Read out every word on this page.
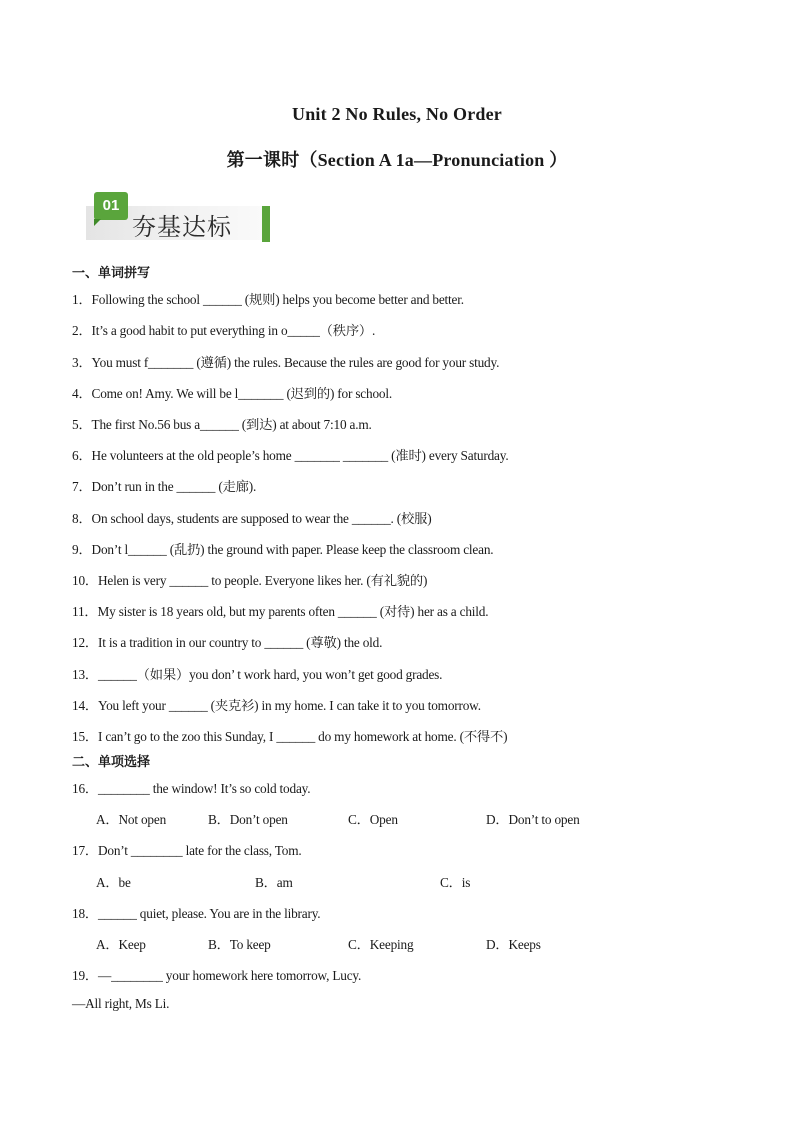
Unit 2 No Rules, No Order
第一课时（Section A 1a—Pronunciation ）
01
夯基达标
一、单词拼写
1．Following the school ______ (规则) helps you become better and better.
2．It’s a good habit to put everything in o_____（秩序）.
3．You must f_______ (遵循) the rules. Because the rules are good for your study.
4．Come on! Amy. We will be l_______ (迟到的) for school.
5．The first No.56 bus a______ (到达) at about 7:10 a.m.
6．He volunteers at the old people’s home _______ _______ (准时) every Saturday.
7．Don’t run in the ______ (走廊).
8．On school days, students are supposed to wear the ______. (校服)
9．Don’t l______ (乱扔) the ground with paper. Please keep the classroom clean.
10．Helen is very ______ to people. Everyone likes her. (有礼貌的)
11．My sister is 18 years old, but my parents often ______ (对待) her as a child.
12．It is a tradition in our country to ______ (尊敬) the old.
13．______（如果）you don’ t work hard, you won’t get good grades.
14．You left your ______ (夹克衫) in my home. I can take it to you tomorrow.
15．I can’t go to the zoo this Sunday, I ______ do my homework at home. (不得不)
二、单项选择
16．________ the window! It’s so cold today.
A．Not open	B．Don’t open	C．Open	D．Don’t to open
17．Don’t ________ late for the class, Tom.
A．be	B．am	C．is
18．______ quiet, please. You are in the library.
A．Keep	B．To keep	C．Keeping	D．Keeps
19．—________ your homework here tomorrow, Lucy.
—All right, Ms Li.
